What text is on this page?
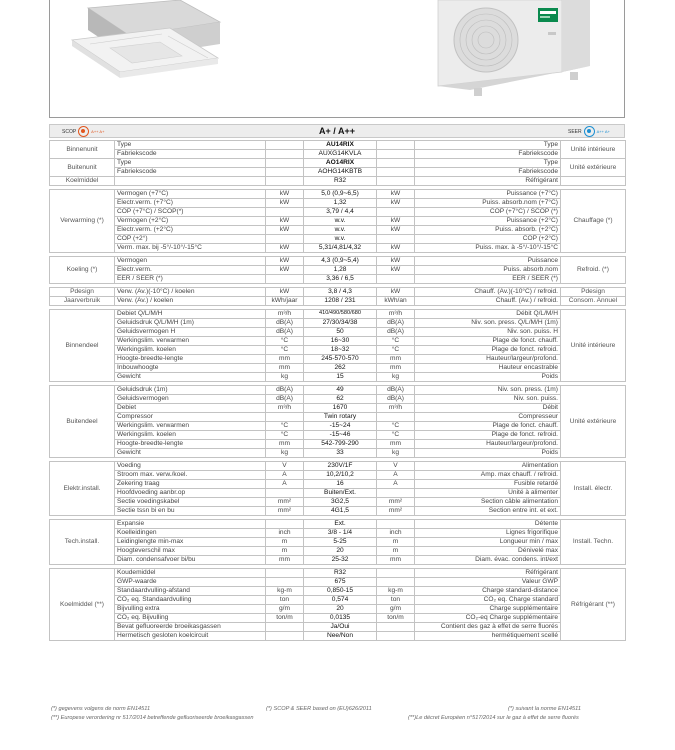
SCOP	A++ A+	A+ / A++	SEER	A++ A+
Binnenunit	Type		AU14RIX		Type	Unité intérieure
	Fabriekscode		AUXG14KVLA		Fabriekscode	
Buitenunit	Type		AO14RIX		Type	Unité extérieure
	Fabriekscode		AOHG14KBTB		Fabriekscode	
Koelmiddel			R32		Réfrigérant	

Verwarming (*)	Vermogen (+7°C)	kW	5,0 (0,9~6,5)	kW	Puissance (+7°C)	Chauffage (*)
	Electr.verm. (+7°C)	kW	1,32	kW	Puiss. absorb.nom (+7°C)	
	COP (+7°C) / SCOP(*)		3,79 / 4,4		COP (+7°C) / SCOP (*)	
	Vermogen (+2°C)	kW	w.v.	kW	Puissance (+2°C)	
	Electr.verm. (+2°C)	kW	w.v.	kW	Puiss. absorb. (+2°C)	
	COP (+2°)		w.v.		COP (+2°C)	
	Verm. max. bij -5°/-10°/-15°C	kW	5,31/4,81/4,32	kW	Puiss. max. à -5°/-10°/-15°C	

Koeling (*)	Vermogen	kW	4,3 (0,9~5,4)	kW	Puissance	Refroid. (*)
	Electr.verm.	kW	1,28	kW	Puiss. absorb.nom	
	EER / SEER (*)		3,36 / 6,5		EER / SEER (*)	

Pdesign	Verw. (Av.)(-10°C) / koelen	kW	3,8 / 4,3	kW	Chauff. (Av.)(-10°C) / refroid.	Pdesign
Jaarverbruik	Verw. (Av.) / koelen	kWh/jaar	1208 / 231	kWh/an	Chauff. (Av.) / refroid.	Consom. Annuel

Binnendeel	Debiet Q/L/M/H	m³/h	410/490/580/680	m³/h	Débit Q/L/M/H	Unité intérieure
	Geluidsdruk Q/L/M/H (1m)	dB(A)	27/30/34/38	dB(A)	Niv. son. press. Q/L/M/H (1m)	
	Geluidsvermogen H	dB(A)	50	dB(A)	Niv. son. puiss. H	
	Werkingslim. verwarmen	°C	16~30	°C	Plage de fonct. chauff.	
	Werkingslim. koelen	°C	18~32	°C	Plage de fonct. refroid.	
	Hoogte-breedte-lengte	mm	245-570-570	mm	Hauteur/largeur/profond.	
	Inbouwhoogte	mm	262	mm	Hauteur encastrable	
	Gewicht	kg	15	kg	Poids	

Buitendeel	Geluidsdruk (1m)	dB(A)	49	dB(A)	Niv. son. press. (1m)	Unité extérieure
	Geluidsvermogen	dB(A)	62	dB(A)	Niv. son. puiss.	
	Debiet	m³/h	1670	m³/h	Débit	
	Compressor		Twin rotary		Compresseur	
	Werkingslim. verwarmen	°C	-15~24	°C	Plage de fonct. chauff.	
	Werkingslim. koelen	°C	-15~46	°C	Plage de fonct. refroid.	
	Hoogte-breedte-lengte	mm	542-799-290	mm	Hauteur/largeur/profond.	
	Gewicht	kg	33	kg	Poids	

Elektr.install.	Voeding	V	230V/1F	V	Alimentation	Install. électr.
	Stroom max. verw./koel.	A	10,2/10,2	A	Amp. max chauff. / refroid.	
	Zekering traag	A	16	A	Fusible retardé	
	Hoofdvoeding aanbr.op		Buiten/Ext.		Unité à alimenter	
	Sectie voedingskabel	mm²	3G2,5	mm²	Section câble alimentation	
	Sectie tssn bi en bu	mm²	4G1,5	mm²	Section entre int. et ext.	

Tech.install.	Expansie		Ext.		Détente	Install. Techn.
	Koelleidingen	inch	3/8 - 1/4	inch	Lignes frigorifique	
	Leidinglengte min-max	m	5-25	m	Longueur min / max	
	Hoogteverschil max	m	20	m	Dénivelé max	
	Diam. condensafvoer bi/bu	mm	25-32	mm	Diam. évac. condens. int/ext	

Koelmiddel (**)	Koudemiddel		R32		Réfrigérant	Réfrigérant (**)
	GWP-waarde		675		Valeur GWP	
	Standaardvulling-afstand	kg-m	0,850-15	kg-m	Charge standard-distance	
	CO₂ eq. Standaardvulling	ton	0,574	ton	CO₂ eq. Charge standard	
	Bijvulling extra	g/m	20	g/m	Charge supplémentaire	
	CO₂ eq. Bijvulling	ton/m	0,0135	ton/m	CO₂-eq Charge supplémentaire	
	Bevat gefluoreerde broeikasgassen		Ja/Oui		Contient des gaz à effet de serre fluorés	
	Hermetisch gesloten koelcircuit		Nee/Non		hermétiquement scellé	
(*) gegevens volgens de norm EN14511	(*) SCOP & SEER based on (EU)626/2011	(*) suivant la norme EN14511
(**) Europese verordering nr 517/2014 betreffende gefluoriseerde broeikasgassen	(**)Le décret Européen n°517/2014 sur le gaz à effet de serre fluorés
